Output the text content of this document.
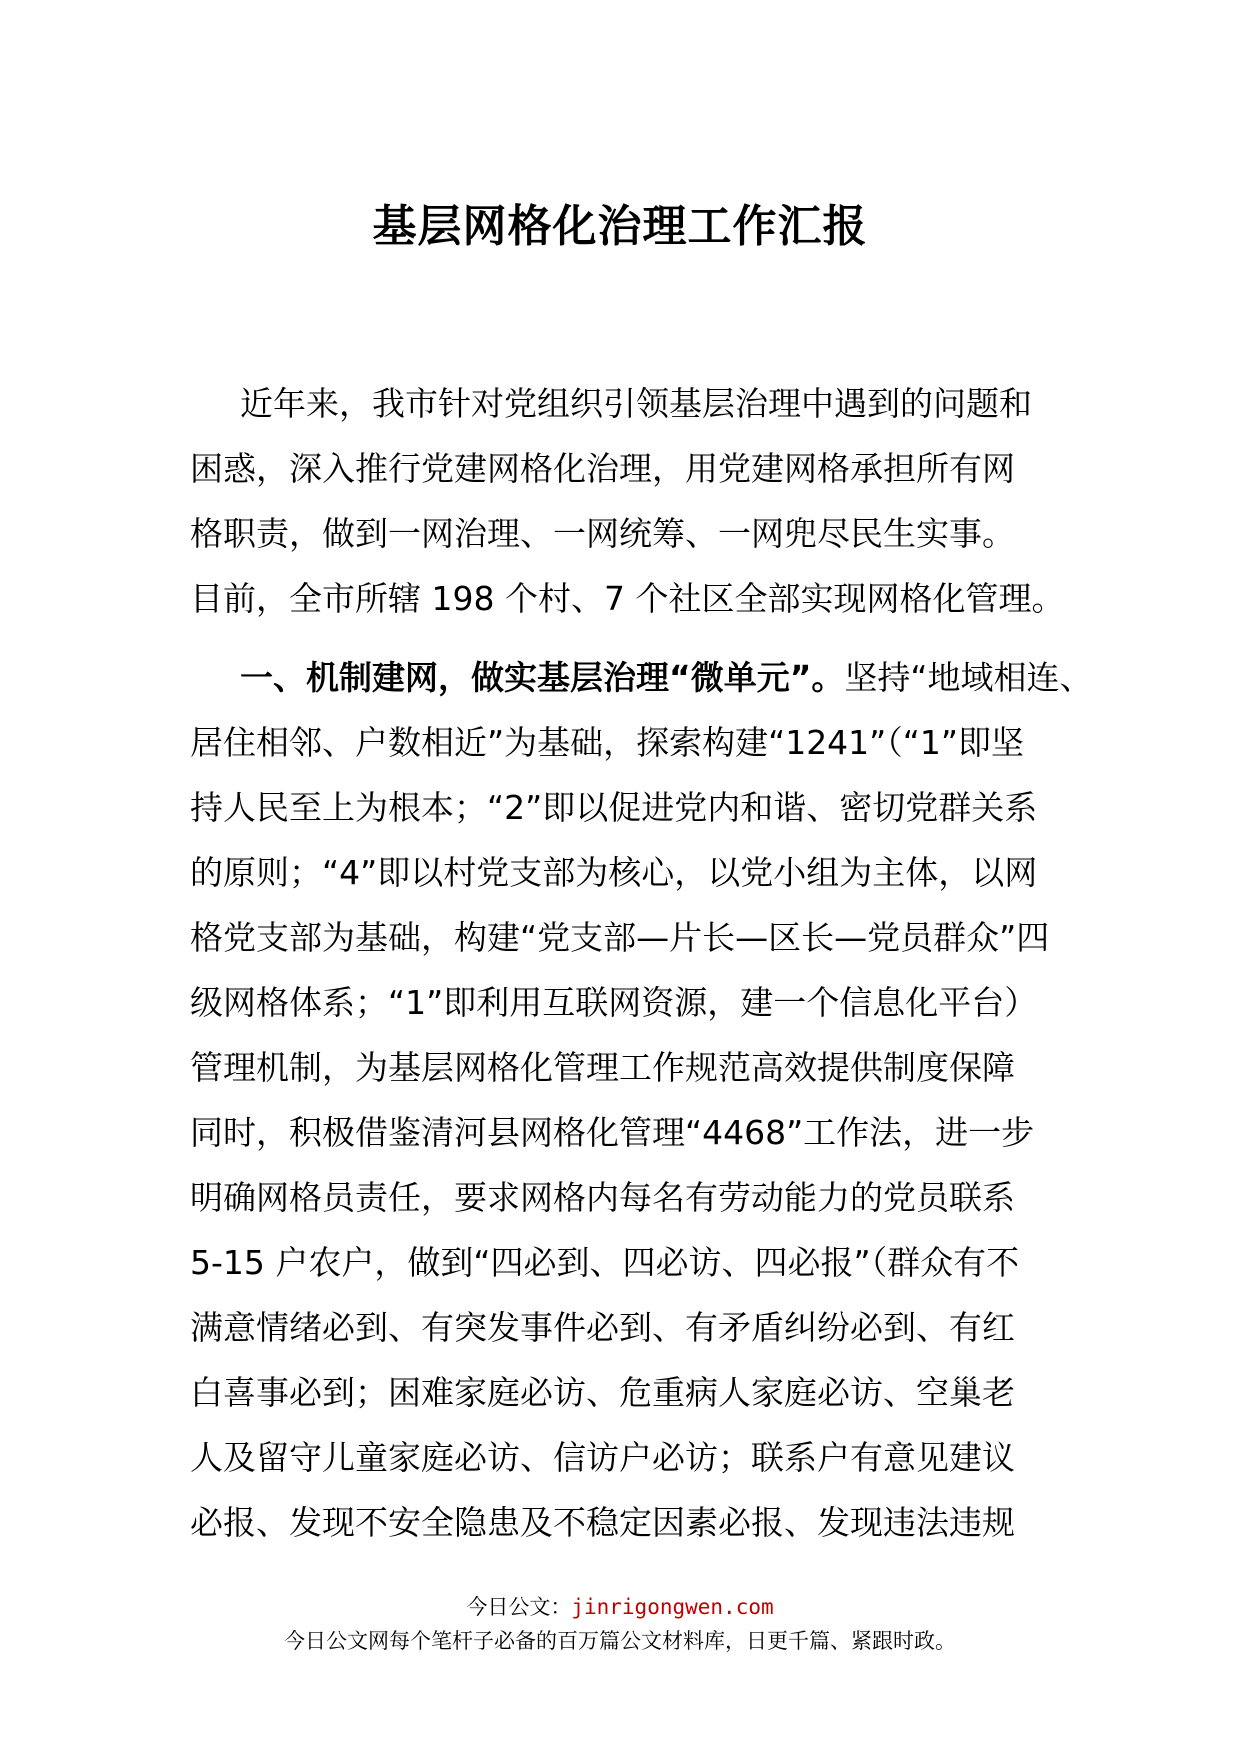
基层网格化治理工作汇报
近年来，我市针对党组织引领基层治理中遇到的问题和
困惑，深入推行党建网格化治理，用党建网格承担所有网
格职责，做到一网治理、一网统筹、一网兜尽民生实事。
目前，全市所辖 198 个村、7 个社区全部实现网格化管理。
一、机制建网，做实基层治理“微单元”。坚持“地域相连、
居住相邻、户数相近”为基础，探索构建“1241”（“1”即坚
持人民至上为根本；“2”即以促进党内和谐、密切党群关系
的原则；“4”即以村党支部为核心，以党小组为主体，以网
格党支部为基础，构建“党支部—片长—区长—党员群众”四
级网格体系；“1”即利用互联网资源，建一个信息化平台）
管理机制，为基层网格化管理工作规范高效提供制度保障
同时，积极借鉴清河县网格化管理“4468”工作法，进一步
明确网格员责任，要求网格内每名有劳动能力的党员联系
5-15 户农户，做到“四必到、四必访、四必报”（群众有不
满意情绪必到、有突发事件必到、有矛盾纠纷必到、有红
白喜事必到；困难家庭必访、危重病人家庭必访、空巢老
人及留守儿童家庭必访、信访户必访；联系户有意见建议
必报、发现不安全隐患及不稳定因素必报、发现违法违规
今日公文：jinrigongwen.com
今日公文网每个笔杆子必备的百万篇公文材料库，日更千篇、紧跟时政。
